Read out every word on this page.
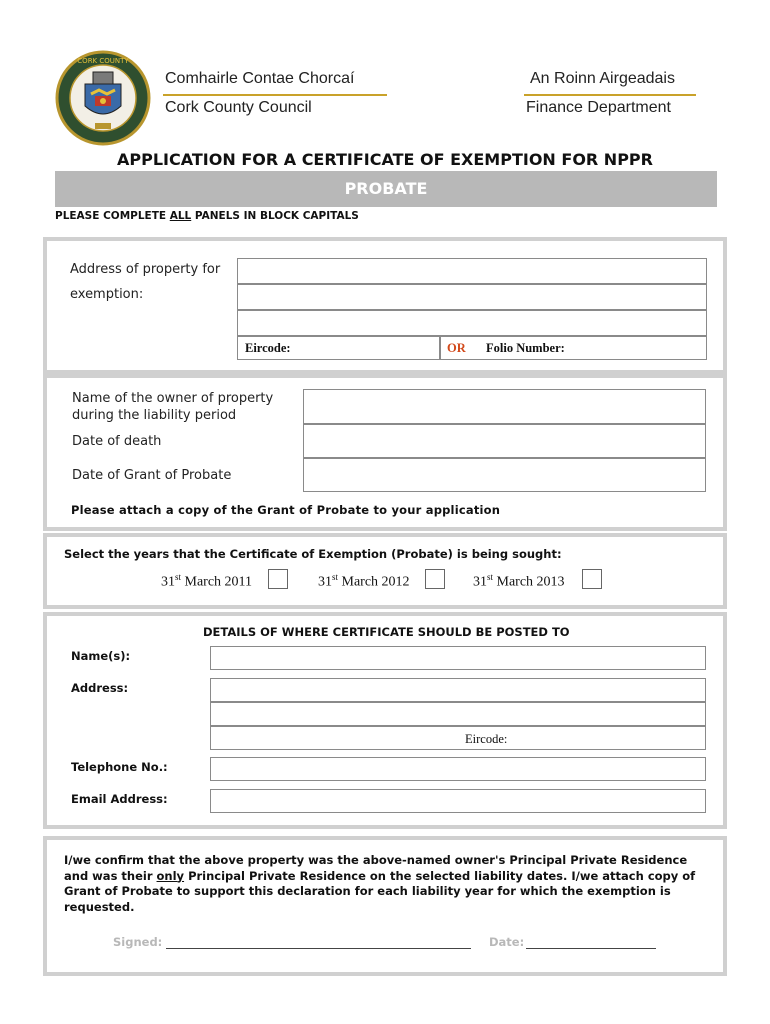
CORK COUNTY
Comhairle Contae Chorcaí
Cork County Council
An Roinn Airgeadais
Finance Department
APPLICATION FOR A CERTIFICATE OF EXEMPTION FOR NPPR
PROBATE
PLEASE COMPLETE ALL PANELS IN BLOCK CAPITALS
Address of property for
exemption:
Eircode:	OR Folio Number:
Name of the owner of property
during the liability period
Date of death
Date of Grant of Probate
Please attach a copy of the Grant of Probate to your application
Select the years that the Certificate of Exemption (Probate) is being sought:
31st March 2011	31st March 2012	31st March 2013
DETAILS OF WHERE CERTIFICATE SHOULD BE POSTED TO
Name(s):
Address:
Eircode:
Telephone No.:
Email Address:
I/we confirm that the above property was the above-named owner's Principal Private Residence
and was their only Principal Private Residence on the selected liability dates. I/we attach copy of
Grant of Probate to support this declaration for each liability year for which the exemption is
requested.
Signed:	Date:
